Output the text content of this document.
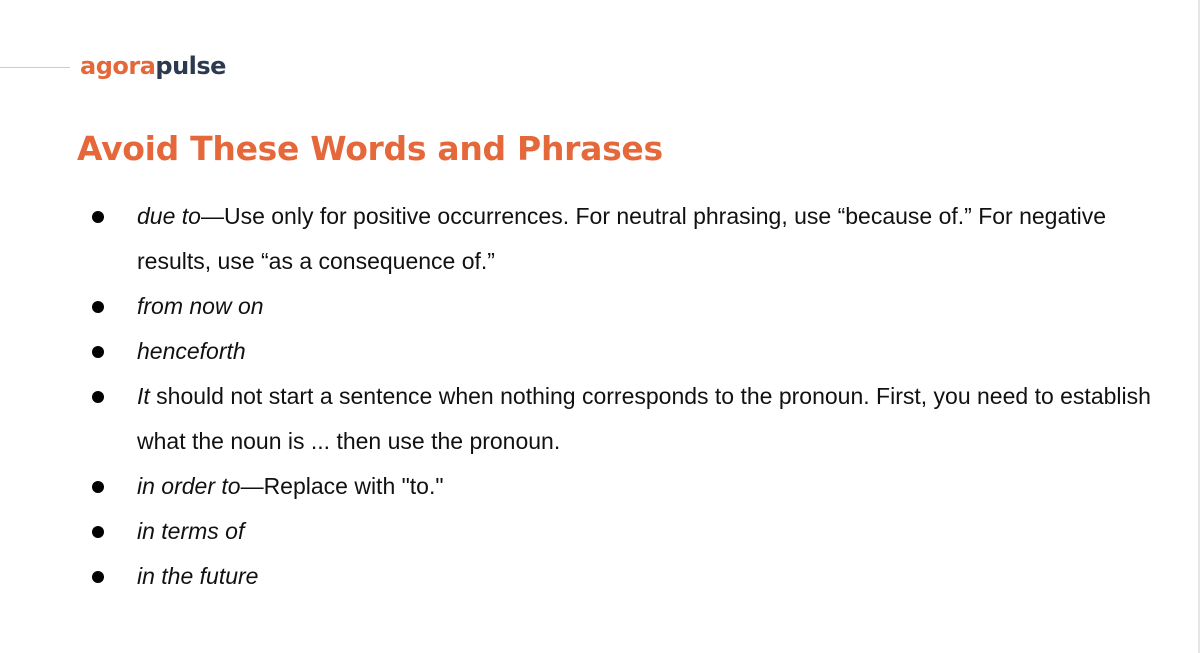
agorapulse
Avoid These Words and Phrases
due to—Use only for positive occurrences. For neutral phrasing, use “because of.” For negative results, use “as a consequence of.”
from now on
henceforth
It should not start a sentence when nothing corresponds to the pronoun. First, you need to establish what the noun is ... then use the pronoun.
in order to—Replace with "to."
in terms of
in the future
